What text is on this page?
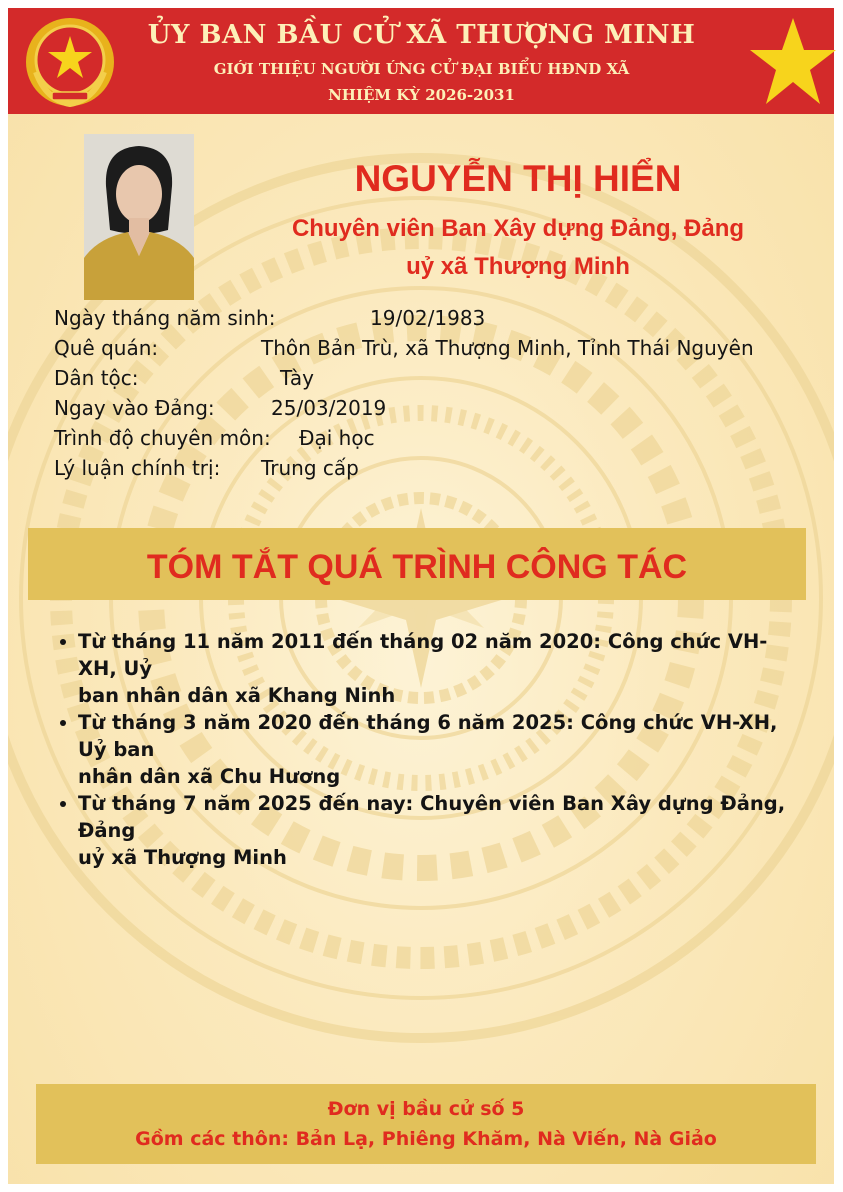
ỦY BAN BẦU CỬ XÃ THƯỢNG MINH
GIỚI THIỆU NGƯỜI ỨNG CỬ ĐẠI BIỂU HĐND XÃ
NHIỆM KỲ 2026-2031
NGUYỄN THỊ HIỂN
Chuyên viên Ban Xây dựng Đảng, Đảng
uỷ xã Thượng Minh
Ngày tháng năm sinh:	19/02/1983
Quê quán:	Thôn Bản Trù, xã Thượng Minh, Tỉnh Thái Nguyên
Dân tộc:	Tày
Ngay vào Đảng:	25/03/2019
Trình độ chuyên môn: Đại học
Lý luận chính trị: Trung cấp
TÓM TẮT QUÁ TRÌNH CÔNG TÁC
Từ tháng 11 năm 2011 đến tháng 02 năm 2020: Công chức VH-XH, Uỷ
ban nhân dân xã Khang Ninh
Từ tháng 3 năm 2020 đến tháng 6 năm 2025: Công chức VH-XH, Uỷ ban
nhân dân xã Chu Hương
Từ tháng 7 năm 2025 đến nay: Chuyên viên Ban Xây dựng Đảng, Đảng
uỷ xã Thượng Minh
Đơn vị bầu cử số 5
Gồm các thôn: Bản Lạ, Phiêng Khăm, Nà Viến, Nà Giảo
